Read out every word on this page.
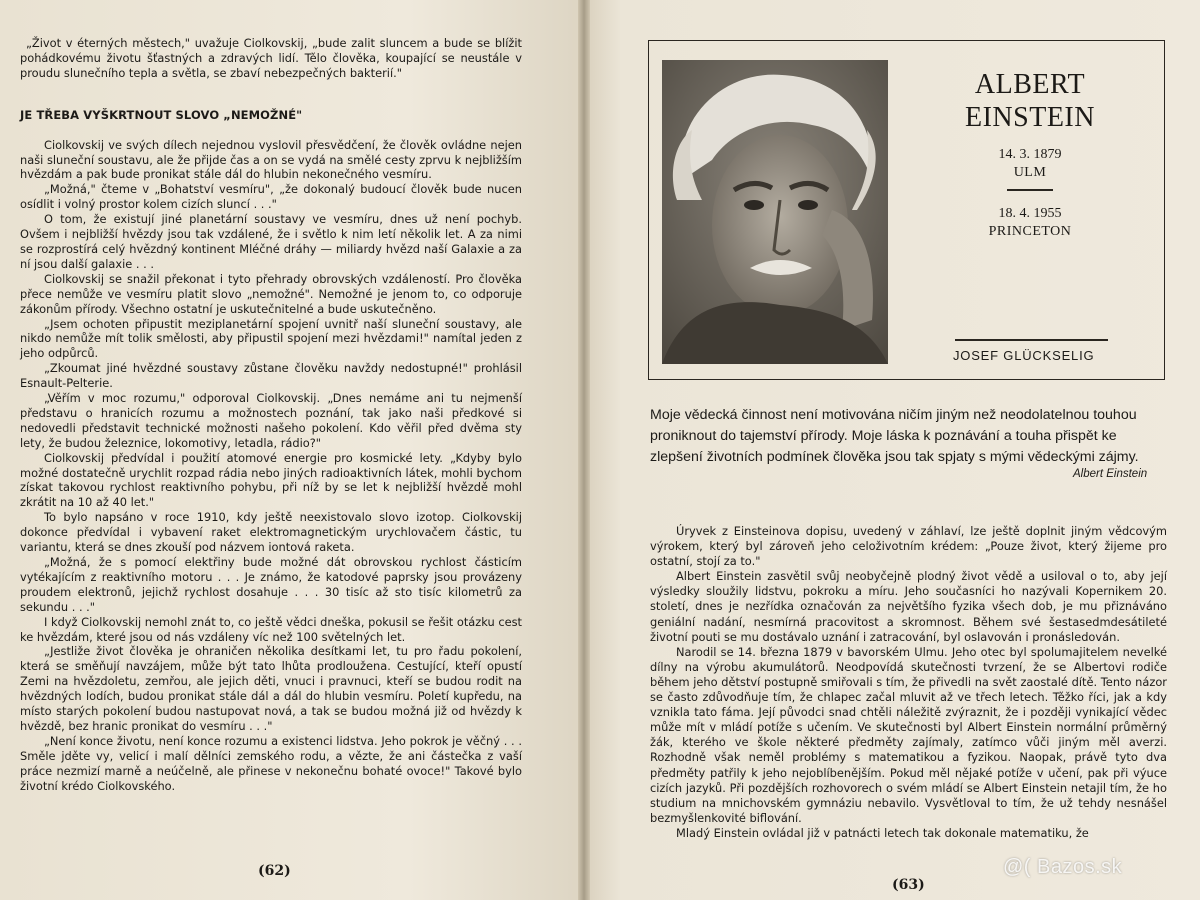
„Život v éterných městech," uvažuje Ciolkovskij, „bude zalit sluncem a bude se blížit pohádkovému životu šťastných a zdravých lidí. Tělo člověka, koupající se neustále v proudu slunečního tepla a světla, se zbaví nebezpečných bakterií."

JE TŘEBA VYŠKRTNOUT SLOVO „NEMOŽNÉ"

Ciolkovskij ve svých dílech nejednou vyslovil přesvědčení, že člověk ovládne nejen naši sluneční soustavu, ale že přijde čas a on se vydá na smělé cesty zprvu k nejbližším hvězdám a pak bude pronikat stále dál do hlubin nekonečného vesmíru.

„Možná," čteme v „Bohatství vesmíru", „že dokonalý budoucí člověk bude nucen osídlit i volný prostor kolem cizích sluncí . . ."

O tom, že existují jiné planetární soustavy ve vesmíru, dnes už není pochyb. Ovšem i nejbližší hvězdy jsou tak vzdálené, že i světlo k nim letí několik let. A za nimi se rozprostírá celý hvězdný kontinent Mléčné dráhy — miliardy hvězd naší Galaxie a za ní jsou další galaxie . . .

Ciolkovskij se snažil překonat i tyto přehrady obrovských vzdáleností. Pro člověka přece nemůže ve vesmíru platit slovo „nemožné". Nemožné je jenom to, co odporuje zákonům přírody. Všechno ostatní je uskutečnitelné a bude uskutečněno.

„Jsem ochoten připustit meziplanetární spojení uvnitř naší sluneční soustavy, ale nikdo nemůže mít tolik smělosti, aby připustil spojení mezi hvězdami!" namítal jeden z jeho odpůrců.

„Zkoumat jiné hvězdné soustavy zůstane člověku navždy nedostupné!" prohlásil Esnault-Pelterie.

„Věřím v moc rozumu," odporoval Ciolkovskij. „Dnes nemáme ani tu nejmenší představu o hranicích rozumu a možnostech poznání, tak jako naši předkové si nedovedli představit technické možnosti našeho pokolení. Kdo věřil před dvěma sty lety, že budou železnice, lokomotivy, letadla, rádio?"

Ciolkovskij předvídal i použití atomové energie pro kosmické lety. „Kdyby bylo možné dostatečně urychlit rozpad rádia nebo jiných radioaktivních látek, mohli bychom získat takovou rychlost reaktivního pohybu, při níž by se let k nejbližší hvězdě mohl zkrátit na 10 až 40 let."

To bylo napsáno v roce 1910, kdy ještě neexistovalo slovo izotop. Ciolkovskij dokonce předvídal i vybavení raket elektromagnetickým urychlovačem částic, tu variantu, která se dnes zkouší pod názvem iontová raketa.

„Možná, že s pomocí elektřiny bude možné dát obrovskou rychlost částicím vytékajícím z reaktivního motoru . . . Je známo, že katodové paprsky jsou provázeny proudem elektronů, jejichž rychlost dosahuje . . . 30 tisíc až sto tisíc kilometrů za sekundu . . ."

I když Ciolkovskij nemohl znát to, co ještě vědci dneška, pokusil se řešit otázku cest ke hvězdám, které jsou od nás vzdáleny víc než 100 světelných let.

„Jestliže život člověka je ohraničen několika desítkami let, tu pro řadu pokolení, která se směňují navzájem, může být tato lhůta prodloužena. Cestující, kteří opustí Zemi na hvězdoletu, zemřou, ale jejich děti, vnuci i pravnuci, kteří se budou rodit na hvězdných lodích, budou pronikat stále dál a dál do hlubin vesmíru. Poletí kupředu, na místo starých pokolení budou nastupovat nová, a tak se budou možná již od hvězdy k hvězdě, bez hranic pronikat do vesmíru . . ."

„Není konce životu, není konce rozumu a existenci lidstva. Jeho pokrok je věčný . . . Směle jděte vy, velicí i malí dělníci zemského rodu, a vězte, že ani částečka z vaší práce nezmizí marně a neúčelně, ale přinese v nekonečnu bohaté ovoce!" Takové bylo životní krédo Ciolkovského.

(62)
ALBERT
EINSTEIN
14. 3. 1879
ULM
18. 4. 1955
PRINCETON
JOSEF GLÜCKSELIG
Moje vědecká činnost není motivována ničím jiným než neodolatelnou touhou proniknout do tajemství přírody. Moje láska k poznávání a touha přispět ke zlepšení životních podmínek člověka jsou tak spjaty s mými vědeckými zájmy.
Albert Einstein

Úryvek z Einsteinova dopisu, uvedený v záhlaví, lze ještě doplnit jiným vědcovým výrokem, který byl zároveň jeho celoživotním krédem: „Pouze život, který žijeme pro ostatní, stojí za to."

Albert Einstein zasvětil svůj neobyčejně plodný život vědě a usiloval o to, aby její výsledky sloužily lidstvu, pokroku a míru. Jeho současníci ho nazývali Kopernikem 20. století, dnes je nezřídka označován za největšího fyzika všech dob, je mu přiznáváno geniální nadání, nesmírná pracovitost a skromnost. Během své šestasedmdesátileté životní pouti se mu dostávalo uznání i zatracování, byl oslavován i pronásledován.

Narodil se 14. března 1879 v bavorském Ulmu. Jeho otec byl spolumajitelem nevelké dílny na výrobu akumulátorů. Neodpovídá skutečnosti tvrzení, že se Albertovi rodiče během jeho dětství postupně smiřovali s tím, že přivedli na svět zaostalé dítě. Tento názor se často zdůvodňuje tím, že chlapec začal mluvit až ve třech letech. Těžko říci, jak a kdy vznikla tato fáma. Její původci snad chtěli náležitě zvýraznit, že i později vynikající vědec může mít v mládí potíže s učením. Ve skutečnosti byl Albert Einstein normální průměrný žák, kterého ve škole některé předměty zajímaly, zatímco vůči jiným měl averzi. Rozhodně však neměl problémy s matematikou a fyzikou. Naopak, právě tyto dva předměty patřily k jeho nejoblíbenějším. Pokud měl nějaké potíže v učení, pak při výuce cizích jazyků. Při pozdějších rozhovorech o svém mládí se Albert Einstein netajil tím, že ho studium na mnichovském gymnáziu nebavilo. Vysvětloval to tím, že už tehdy nesnášel bezmyšlenkovité biflování.

Mladý Einstein ovládal již v patnácti letech tak dokonale matematiku, že

(63)
@( Bazos.sk
